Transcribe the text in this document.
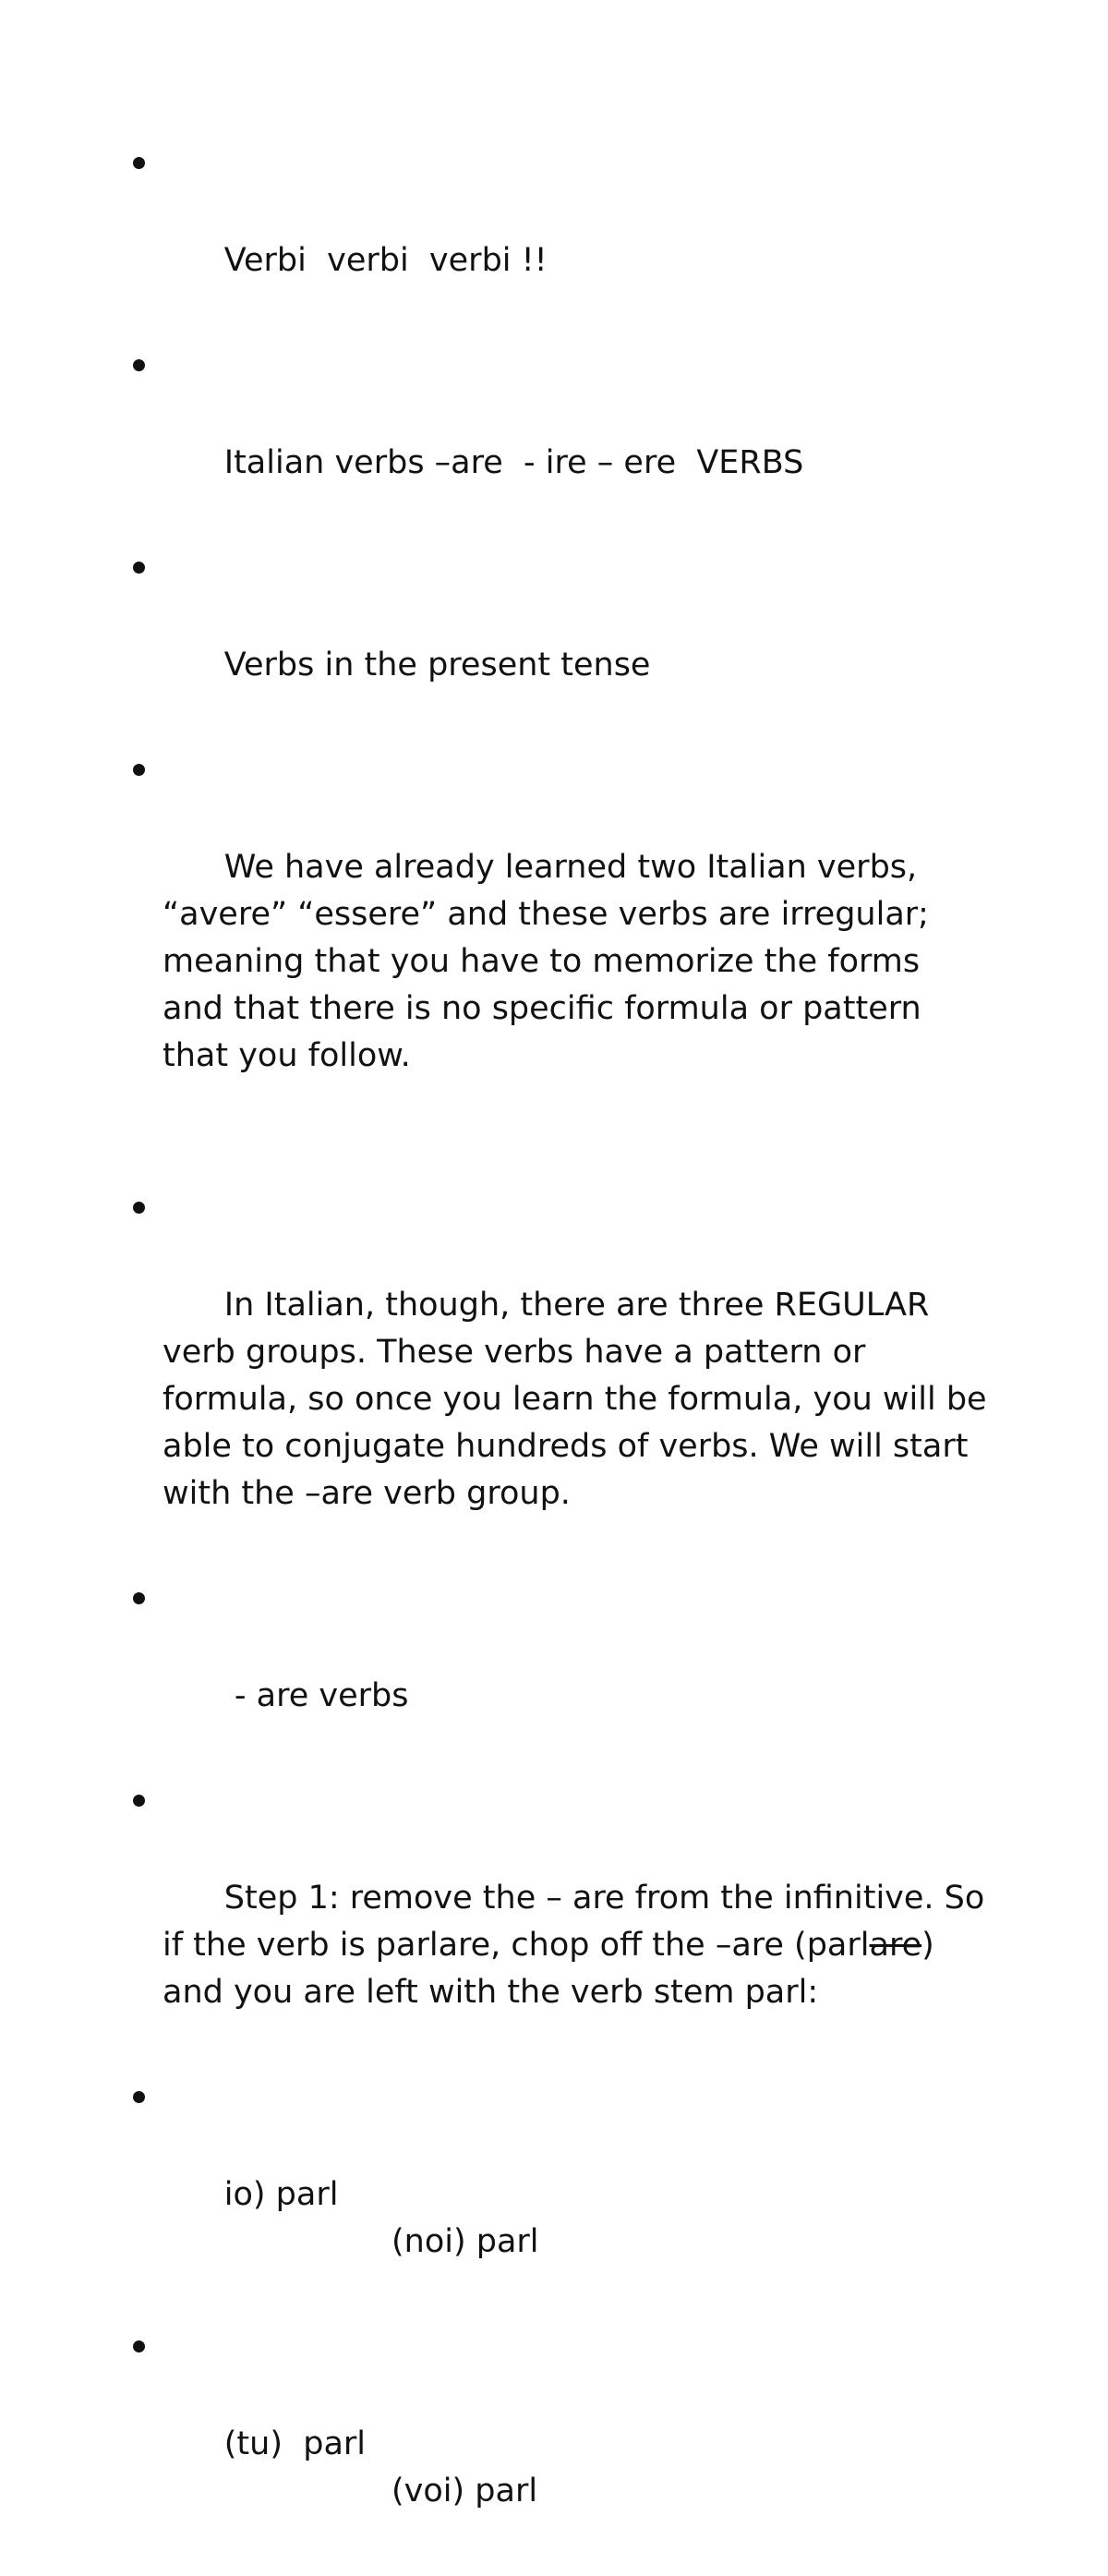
Verbi  verbi  verbi !!

Italian verbs –are  - ire – ere  VERBS

Verbs in the present tense

We have already learned two Italian verbs, “avere” “essere” and these verbs are irregular; meaning that you have to memorize the forms and that there is no specific formula or pattern that you follow.

In Italian, though, there are three REGULAR verb groups. These verbs have a pattern or formula, so once you learn the formula, you will be able to conjugate hundreds of verbs. We will start with the –are verb group.

- are verbs

Step 1: remove the – are from the infinitive. So if the verb is parlare, chop off the –are (parlare) and you are left with the verb stem parl:

io) parl

(noi) parl

(tu)  parl

(voi) parl
